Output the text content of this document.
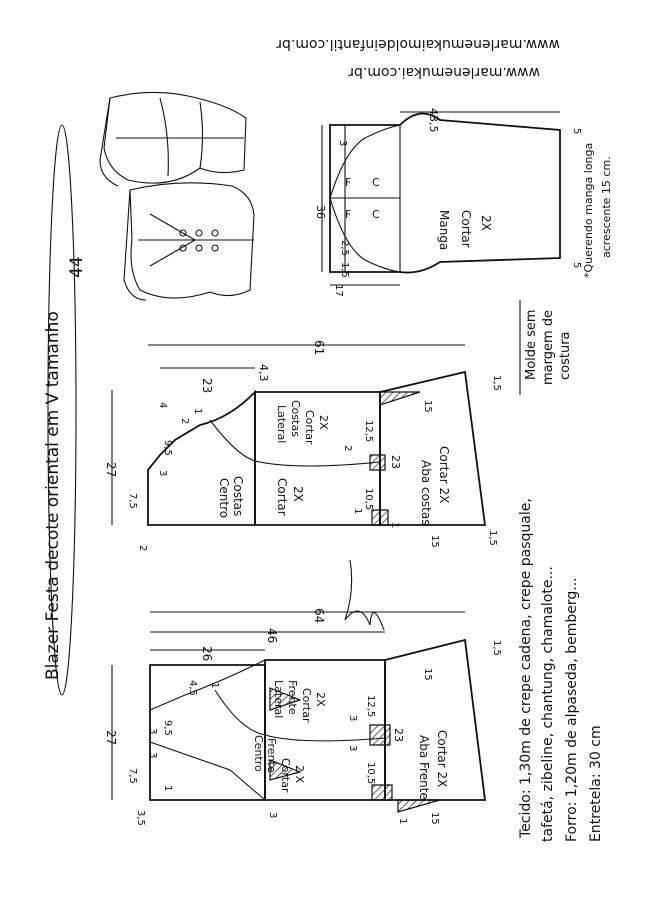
Blazer Festa decote oriental em V tamanho
44
www.marlenemukai.com.br
www.marlenemukaimoldeinfantil.com.br
F C
C
F	Manga Cortar 2X
36
43,5
3
2,5
1,5
17
5
5 *Querendo manga longa acrescente 15 cm.
Molde sem margem de costura
Centro Costas	Cortar 2X
Lateral Costas Cortar 2X
Aba costas Cortar 2X
27
23
4,3
61
7,5
9,5
4
1
3
2
2
12,5
10,5
23
15
1,5
15
1
1
2
1,5
Centro Frente
Cortar 2 X
Lateral Frente Cortar 2X
Aba Frente Cortar 2X
27
26
46
64
7,5
9,5
3
3
4,5 1
1
3
3
12,5
10,5
23
15
1,5
15
3
3,5	1	Tecido: 1,30m de crepe cadena, crepe pasquale, tafetá, zibeline, chantung, chamalote... Forro: 1,20m de alpaseda, bemberg... Entretela: 30 cm
